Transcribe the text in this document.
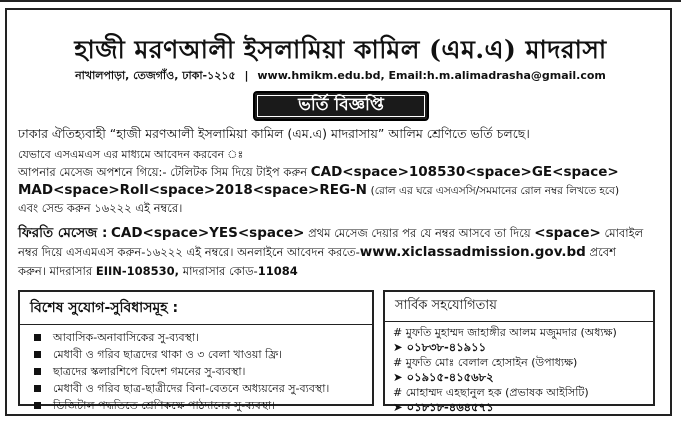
হাজী মরণআলী ইসলামিয়া কামিল (এম.এ) মাদরাসা
নাখালপাড়া, তেজগাঁও, ঢাকা-১২১৫ | www.hmikm.edu.bd, Email:h.m.alimadrasha@gmail.com
ভর্তি বিজ্ঞপ্তি
ঢাকার ঐতিহ্যবাহী “হাজী মরণআলী ইসলামিয়া কামিল (এম.এ) মাদরাসায়” আলিম শ্রেণিতে ভর্তি চলছে।
যেভাবে এসএমএস এর মাধ্যমে আবেদন করবেন ঃ
আপনার মেসেজ অপশনে গিয়ে:- টেলিটক সিম দিয়ে টাইপ করুন CAD<space>108530<space>GE<space>
MAD<space>Roll<space>2018<space>REG-N (রোল এর ঘরে এসএসসি/সমমানের রোল নম্বর লিখতে হবে)
এবং সেন্ড করুন ১৬২২২ এই নম্বরে।
ফিরতি মেসেজ : CAD<space>YES<space> প্রথম মেসেজ দেয়ার পর যে নম্বর আসবে তা দিয়ে <space> মোবাইল
নম্বর দিয়ে এসএমএস করুন-১৬২২২ এই নম্বরে। অনলাইনে আবেদন করতে-www.xiclassadmission.gov.bd প্রবেশ
করুন। মাদরাসার EIIN-108530, মাদরাসার কোড-11084
বিশেষ সুযোগ-সুবিধাসমূহ :
আবাসিক-অনাবাসিকের সু-ব্যবস্থা।
মেধাবী ও গরিব ছাত্রদের থাকা ও ৩ বেলা খাওয়া ফ্রি।
ছাত্রদের স্কলারশিপে বিদেশ গমনের সু-ব্যবস্থা।
মেধাবী ও গরিব ছাত্র-ছাত্রীদের বিনা-বেতনে অধ্যয়নের সু-ব্যবস্থা।
ডিজিটাল পদ্ধতিতে শ্রেণিকক্ষে পাঠদানের সু-ব্যবস্থা।
সার্বিক সহযোগিতায়
# মুফতি মুহাম্মদ জাহাঙ্গীর আলম মজুমদার (অধ্যক্ষ)
➤ ০১৮৩৮-৪১৯১১
# মুফতি মোঃ বেলাল হোসাইন (উপাধ্যক্ষ)
➤ ০১৯১৫-৪১৫৬৮২
# মোহাম্মদ এহছানুল হক (প্রভাষক আইসিটি)
➤ ০১৮১৮-৪৬৪৫৭১
